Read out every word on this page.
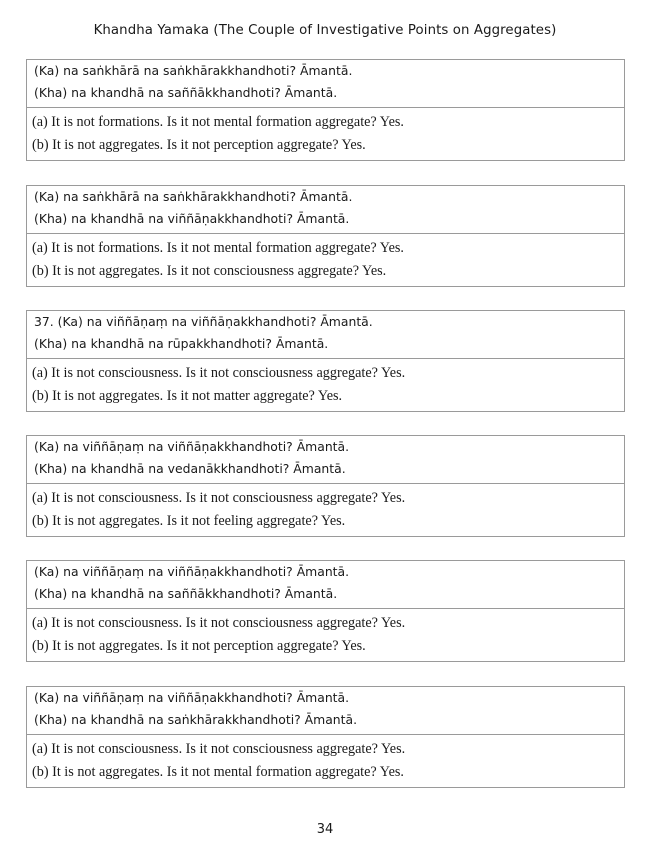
Khandha Yamaka (The Couple of Investigative Points on Aggregates)
(Ka) na saṅkhārā na saṅkhārakkhandhoti? Āmantā.
(Kha) na khandhā na saññākkhandhoti? Āmantā.
(a) It is not formations. Is it not mental formation aggregate? Yes.
(b) It is not aggregates. Is it not perception aggregate? Yes.
(Ka) na saṅkhārā na saṅkhārakkhandhoti? Āmantā.
(Kha) na khandhā na viññāṇakkhandhoti? Āmantā.
(a) It is not formations. Is it not mental formation aggregate? Yes.
(b) It is not aggregates. Is it not consciousness aggregate? Yes.
37. (Ka) na viññāṇaṃ na viññāṇakkhandhoti? Āmantā.
(Kha) na khandhā na rūpakkhandhoti? Āmantā.
(a) It is not consciousness. Is it not consciousness aggregate? Yes.
(b) It is not aggregates. Is it not matter aggregate? Yes.
(Ka) na viññāṇaṃ na viññāṇakkhandhoti? Āmantā.
(Kha) na khandhā na vedanākkhandhoti? Āmantā.
(a) It is not consciousness. Is it not consciousness aggregate? Yes.
(b) It is not aggregates. Is it not feeling aggregate? Yes.
(Ka) na viññāṇaṃ na viññāṇakkhandhoti? Āmantā.
(Kha) na khandhā na saññākkhandhoti? Āmantā.
(a) It is not consciousness. Is it not consciousness aggregate? Yes.
(b) It is not aggregates. Is it not perception aggregate? Yes.
(Ka) na viññāṇaṃ na viññāṇakkhandhoti? Āmantā.
(Kha) na khandhā na saṅkhārakkhandhoti? Āmantā.
(a) It is not consciousness. Is it not consciousness aggregate? Yes.
(b) It is not aggregates. Is it not mental formation aggregate? Yes.
34
